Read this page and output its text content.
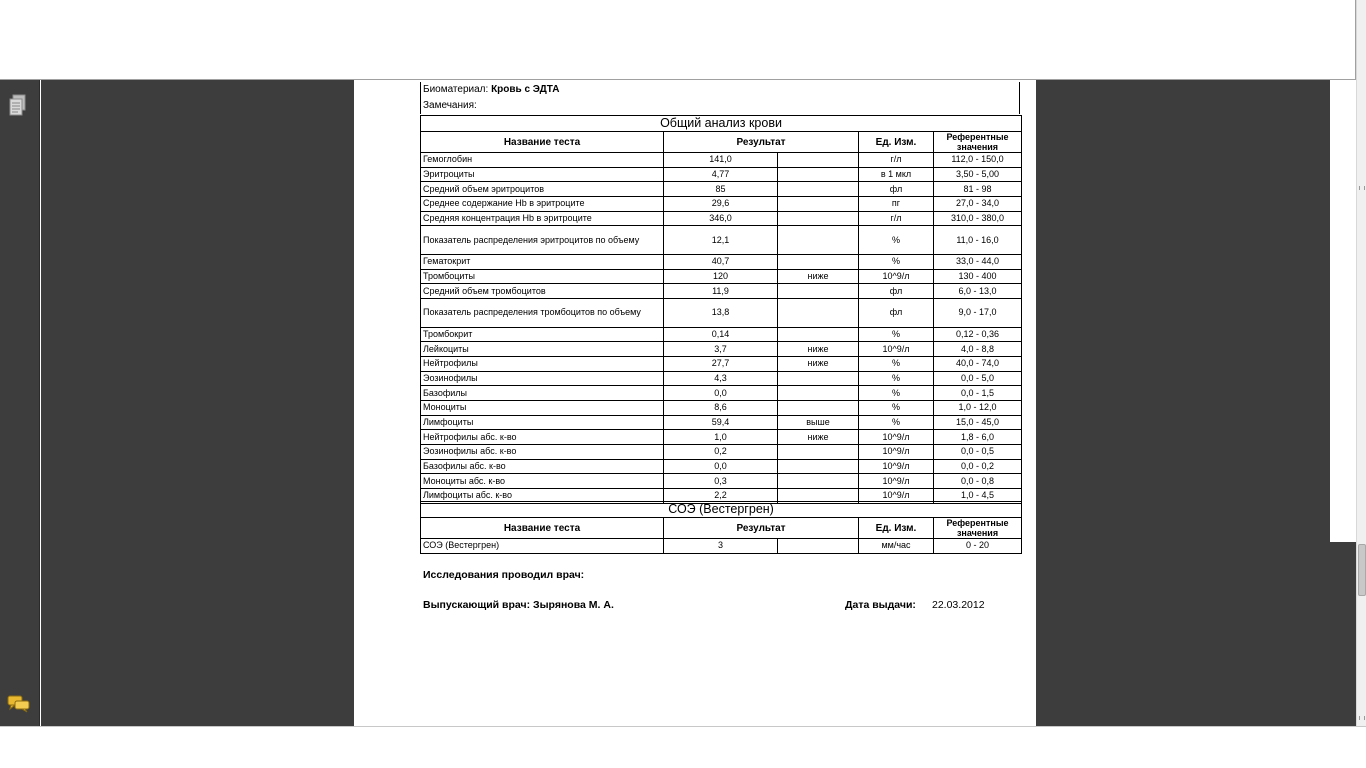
Биоматериал: Кровь с ЭДТА
Замечания:
Общий анализ крови				
Название теста	Результат		Ед. Изм.	Референтные значения
Гемоглобин	141,0		г/л	112,0 - 150,0
Эритроциты	4,77		в 1 мкл	3,50 - 5,00
Средний объем эритроцитов	85		фл	81 - 98
Среднее содержание Hb в эритроците	29,6		пг	27,0 - 34,0
Средняя концентрация Hb в эритроците	346,0		г/л	310,0 - 380,0
Показатель распределения эритроцитов по объему	12,1		%	11,0 - 16,0
Гематокрит	40,7		%	33,0 - 44,0
Тромбоциты	120	ниже	10^9/л	130 - 400
Средний объем тромбоцитов	11,9		фл	6,0 - 13,0
Показатель распределения тромбоцитов по объему	13,8		фл	9,0 - 17,0
Тромбокрит	0,14		%	0,12 - 0,36
Лейкоциты	3,7	ниже	10^9/л	4,0 - 8,8
Нейтрофилы	27,7	ниже	%	40,0 - 74,0
Эозинофилы	4,3		%	0,0 - 5,0
Базофилы	0,0		%	0,0 - 1,5
Моноциты	8,6		%	1,0 - 12,0
Лимфоциты	59,4	выше	%	15,0 - 45,0
Нейтрофилы абс. к-во	1,0	ниже	10^9/л	1,8 - 6,0
Эозинофилы абс. к-во	0,2		10^9/л	0,0 - 0,5
Базофилы абс. к-во	0,0		10^9/л	0,0 - 0,2
Моноциты абс. к-во	0,3		10^9/л	0,0 - 0,8
Лимфоциты абс. к-во	2,2		10^9/л	1,0 - 4,5
СОЭ (Вестергрен)				
Название теста	Результат		Ед. Изм.	Референтные значения
СОЭ (Вестергрен)	3		мм/час	0 - 20
Исследования проводил врач:
Выпускающий врач: Зырянова М. А.	Дата выдачи: 22.03.2012
